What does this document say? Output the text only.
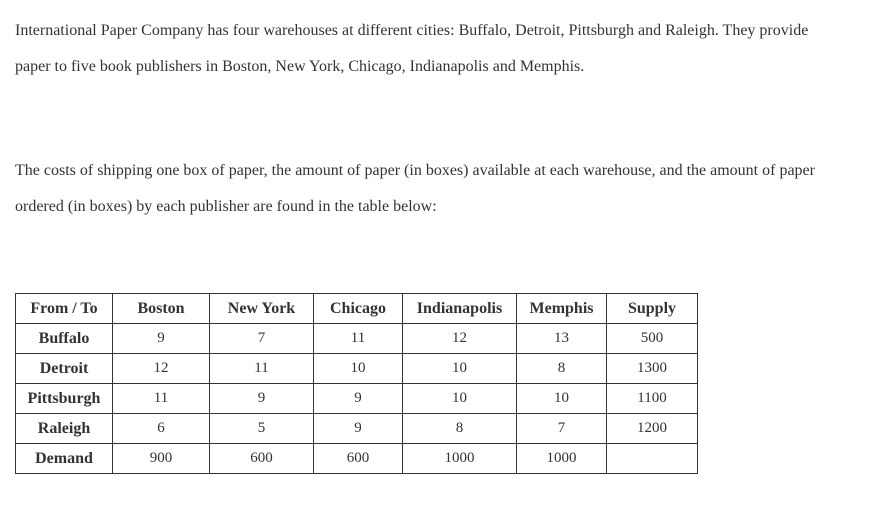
International Paper Company has four warehouses at different cities: Buffalo, Detroit, Pittsburgh and Raleigh. They provide
paper to five book publishers in Boston, New York, Chicago, Indianapolis and Memphis.
The costs of shipping one box of paper, the amount of paper (in boxes) available at each warehouse, and the amount of paper
ordered (in boxes) by each publisher are found in the table below:
From / To	Boston	New York	Chicago	Indianapolis	Memphis	Supply
Buffalo	9	7	11	12	13	500
Detroit	12	11	10	10	8	1300
Pittsburgh	11	9	9	10	10	1100
Raleigh	6	5	9	8	7	1200
Demand	900	600	600	1000	1000	
